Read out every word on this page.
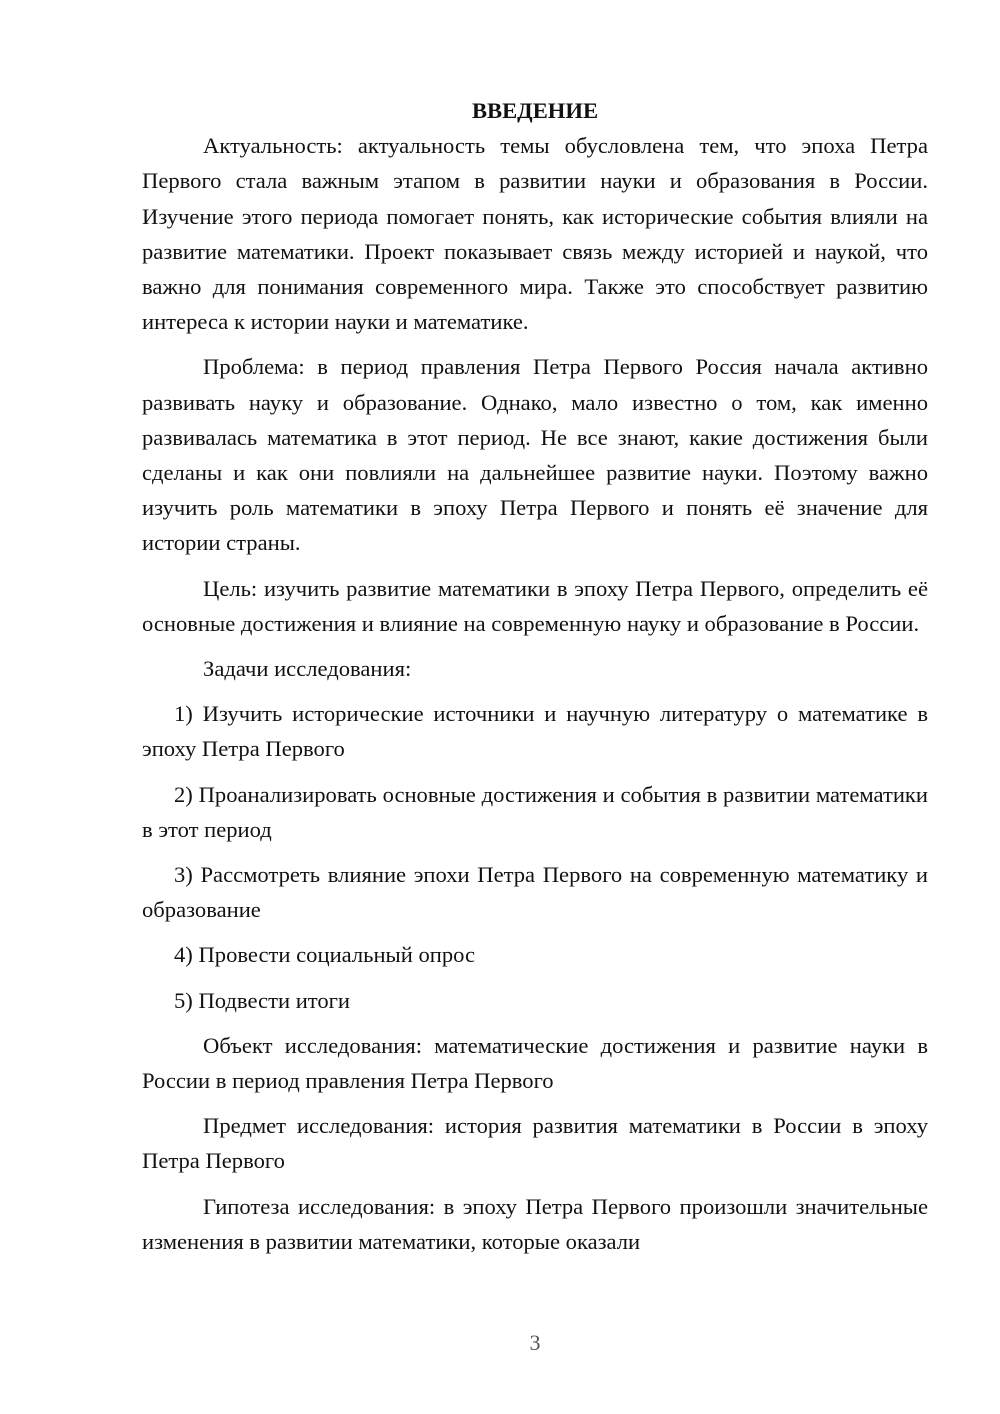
ВВЕДЕНИЕ

Актуальность: актуальность темы обусловлена тем, что эпоха Петра Первого стала важным этапом в развитии науки и образования в России. Изучение этого периода помогает понять, как исторические события влияли на развитие математики. Проект показывает связь между историей и наукой, что важно для понимания современного мира. Также это способствует развитию интереса к истории науки и математике.

Проблема: в период правления Петра Первого Россия начала активно развивать науку и образование. Однако, мало известно о том, как именно развивалась математика в этот период. Не все знают, какие достижения были сделаны и как они повлияли на дальнейшее развитие науки. Поэтому важно изучить роль математики в эпоху Петра Первого и понять её значение для истории страны.

Цель: изучить развитие математики в эпоху Петра Первого, определить её основные достижения и влияние на современную науку и образование в России.

Задачи исследования:

1) Изучить исторические источники и научную литературу о математике в эпоху Петра Первого

2) Проанализировать основные достижения и события в развитии математики в этот период

3) Рассмотреть влияние эпохи Петра Первого на современную математику и образование

4) Провести социальный опрос

5) Подвести итоги

Объект исследования: математические достижения и развитие науки в России в период правления Петра Первого

Предмет исследования: история развития математики в России в эпоху Петра Первого

Гипотеза исследования: в эпоху Петра Первого произошли значительные изменения в развитии математики, которые оказали

3
